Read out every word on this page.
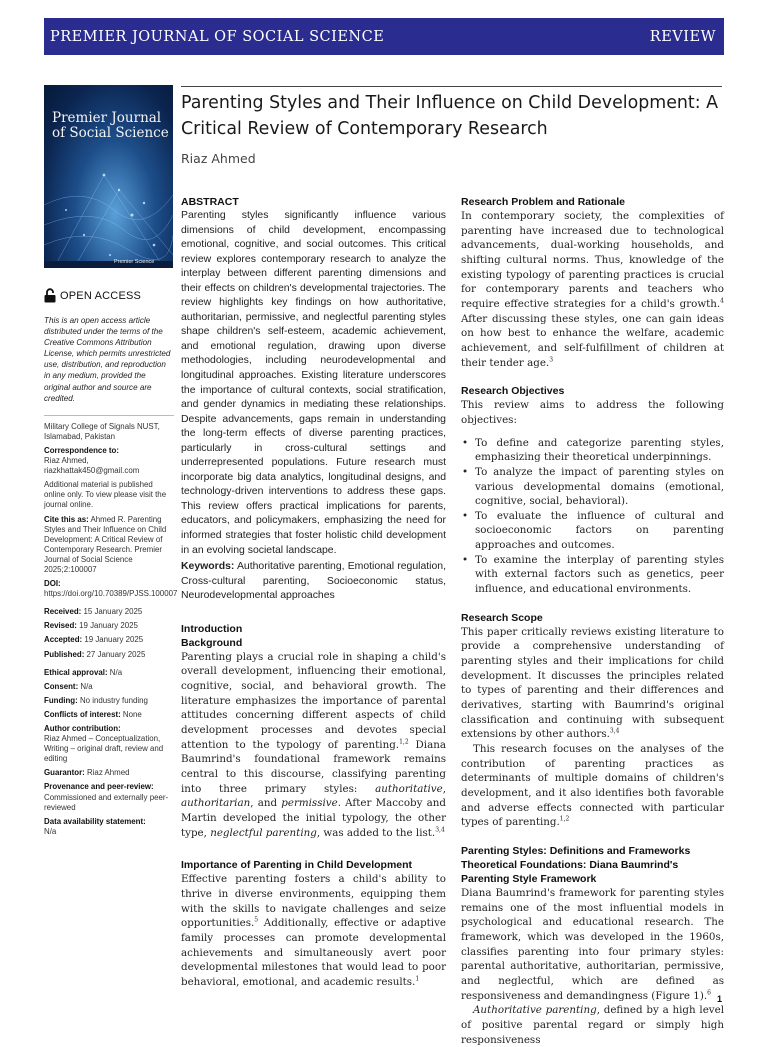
PREMIER JOURNAL OF SOCIAL SCIENCE	REVIEW
Premier Journal
of Social Science
Premier Science
OPEN ACCESS

This is an open access article distributed under the terms of the Creative Commons Attribution License, which permits unrestricted use, distribution, and reproduction in any medium, provided the original author and source are credited.

Military College of Signals NUST, Islamabad, Pakistan

Correspondence to:
Riaz Ahmed, riazkhattak450@gmail.com

Additional material is published online only. To view please visit the journal online.

Cite this as: Ahmed R. Parenting Styles and Their Influence on Child Development: A Critical Review of Contemporary Research. Premier Journal of Social Science 2025;2:100007

DOI: https://doi.org/10.70389/PJSS.100007

Received: 15 January 2025

Revised: 19 January 2025

Accepted: 19 January 2025

Published: 27 January 2025

Ethical approval: N/a

Consent: N/a

Funding: No industry funding

Conflicts of interest: None

Author contribution:
Riaz Ahmed – Conceptualization, Writing – original draft, review and editing

Guarantor: Riaz Ahmed

Provenance and peer-review:
Commissioned and externally peer-reviewed

Data availability statement:
N/a

Parenting Styles and Their Influence on Child Development: A Critical Review of Contemporary Research
Riaz Ahmed
ABSTRACT

Parenting styles significantly influence various dimensions of child development, encompassing emotional, cognitive, and social outcomes. This critical review explores contemporary research to analyze the interplay between different parenting dimensions and their effects on children's developmental trajectories. The review highlights key findings on how authoritative, authoritarian, permissive, and neglectful parenting styles shape children's self-esteem, academic achievement, and emotional regulation, drawing upon diverse methodologies, including neurodevelopmental and longitudinal approaches. Existing literature underscores the importance of cultural contexts, social stratification, and gender dynamics in mediating these relationships. Despite advancements, gaps remain in understanding the long-term effects of diverse parenting practices, particularly in cross-cultural settings and underrepresented populations. Future research must incorporate big data analytics, longitudinal designs, and technology-driven interventions to address these gaps. This review offers practical implications for parents, educators, and policymakers, emphasizing the need for informed strategies that foster holistic child development in an evolving societal landscape.

Keywords: Authoritative parenting, Emotional regulation, Cross-cultural parenting, Socioeconomic status, Neurodevelopmental approaches

Introduction
Background

Parenting plays a crucial role in shaping a child's overall development, influencing their emotional, cognitive, social, and behavioral growth. The literature emphasizes the importance of parental attitudes concerning different aspects of child development processes and devotes special attention to the typology of parenting.$^{1,2}$ Diana Baumrind's foundational framework remains central to this discourse, classifying parenting into three primary styles: authoritative, authoritarian, and permissive. After Maccoby and Martin developed the initial typology, the other type, neglectful parenting, was added to the list.$^{3,4}$

Importance of Parenting in Child Development

Effective parenting fosters a child's ability to thrive in diverse environments, equipping them with the skills to navigate challenges and seize opportunities.$^5$ Additionally, effective or adaptive family processes can promote developmental achievements and simultaneously avert poor developmental milestones that would lead to poor behavioral, emotional, and academic results.$^1$

Research Problem and Rationale

In contemporary society, the complexities of parenting have increased due to technological advancements, dual-working households, and shifting cultural norms. Thus, knowledge of the existing typology of parenting practices is crucial for contemporary parents and teachers who require effective strategies for a child's growth.$^4$ After discussing these styles, one can gain ideas on how best to enhance the welfare, academic achievement, and self-fulfillment of children at their tender age.$^3$

Research Objectives

This review aims to address the following objectives:

• To define and categorize parenting styles, emphasizing their theoretical underpinnings.
• To analyze the impact of parenting styles on various developmental domains (emotional, cognitive, social, behavioral).
• To evaluate the influence of cultural and socioeconomic factors on parenting approaches and outcomes.
• To examine the interplay of parenting styles with external factors such as genetics, peer influence, and educational environments.
Research Scope

This paper critically reviews existing literature to provide a comprehensive understanding of parenting styles and their implications for child development. It discusses the principles related to types of parenting and their differences and derivatives, starting with Baumrind's original classification and continuing with subsequent extensions by other authors.$^{3,4}$

This research focuses on the analyses of the contribution of parenting practices as determinants of multiple domains of children's development, and it also identifies both favorable and adverse effects connected with particular types of parenting.$^{1,2}$

Parenting Styles: Definitions and Frameworks
Theoretical Foundations: Diana Baumrind's Parenting Style Framework

Diana Baumrind's framework for parenting styles remains one of the most influential models in psychological and educational research. The framework, which was developed in the 1960s, classifies parenting into four primary styles: parental authoritative, authoritarian, permissive, and neglectful, which are defined as responsiveness and demandingness (Figure 1).$^6$

Authoritative parenting, defined by a high level of positive parental regard or simply high responsiveness

1
